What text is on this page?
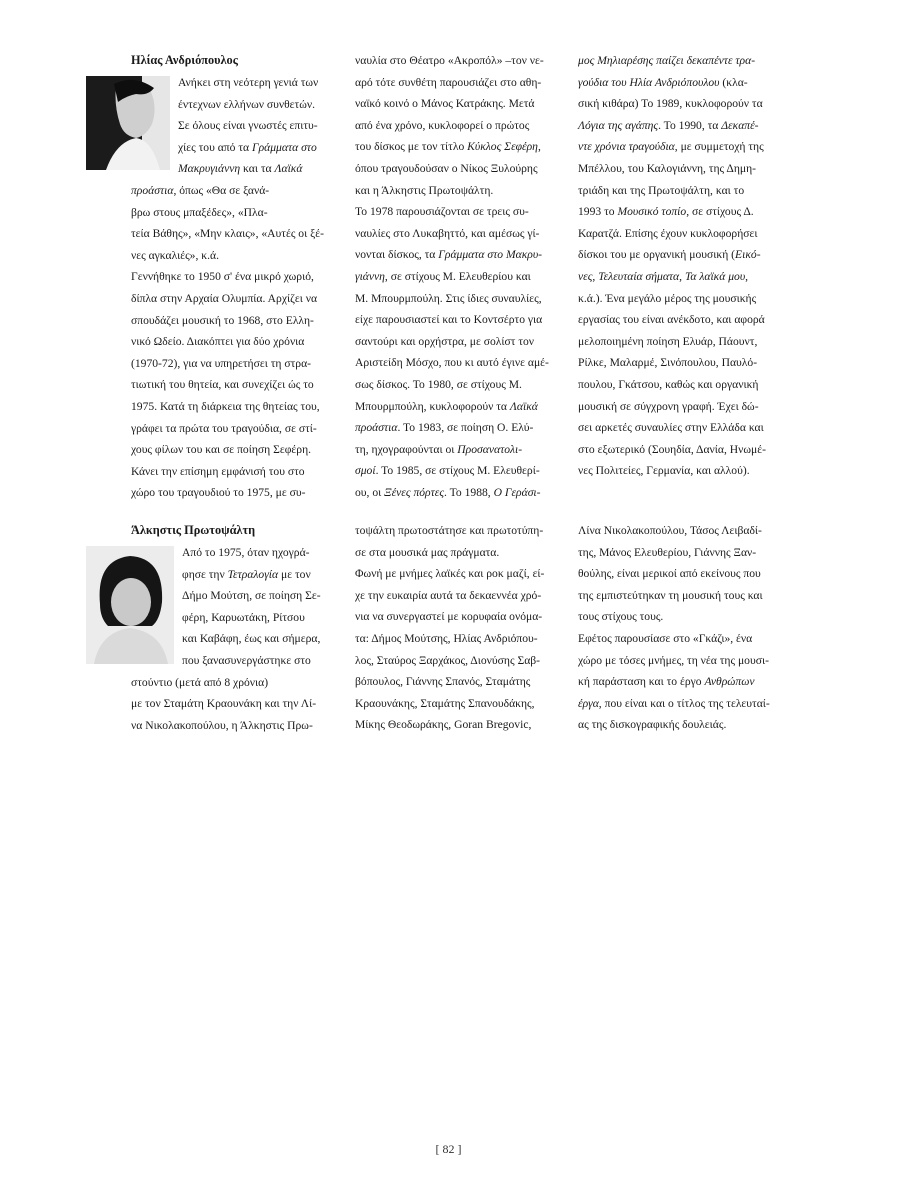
Ηλίας Ανδριόπουλος
Ανήκει στη νεότερη γενιά των
έντεχνων ελλήνων συνθετών.
Σε όλους είναι γνωστές επιτυ-
χίες του από τα Γράμματα στο
Μακρυγιάννη και τα Λαϊκά
προάστια, όπως «Θα σε ξανά-
βρω στους μπαξέδες», «Πλα-
τεία Βάθης», «Μην κλαις», «Αυτές οι ξέ-
νες αγκαλιές», κ.ά.
Γεννήθηκε το 1950 σ' ένα μικρό χωριό,
δίπλα στην Αρχαία Ολυμπία. Αρχίζει να
σπουδάζει μουσική το 1968, στο Ελλη-
νικό Ωδείο. Διακόπτει για δύο χρόνια
(1970-72), για να υπηρετήσει τη στρα-
τιωτική του θητεία, και συνεχίζει ώς το
1975. Κατά τη διάρκεια της θητείας του,
γράφει τα πρώτα του τραγούδια, σε στί-
χους φίλων του και σε ποίηση Σεφέρη.
Κάνει την επίσημη εμφάνισή του στο
χώρο του τραγουδιού το 1975, με συ-
ναυλία στο Θέατρο «Ακροπόλ» –τον νε-
αρό τότε συνθέτη παρουσιάζει στο αθη-
ναϊκό κοινό ο Μάνος Κατράκης. Μετά
από ένα χρόνο, κυκλοφορεί ο πρώτος
του δίσκος με τον τίτλο Κύκλος Σεφέρη,
όπου τραγουδούσαν ο Νίκος Ξυλούρης
και η Άλκηστις Πρωτοψάλτη.
Το 1978 παρουσιάζονται σε τρεις συ-
ναυλίες στο Λυκαβηττό, και αμέσως γί-
νονται δίσκος, τα Γράμματα στο Μακρυ-
γιάννη, σε στίχους Μ. Ελευθερίου και
Μ. Μπουρμπούλη. Στις ίδιες συναυλίες,
είχε παρουσιαστεί και το Κοντσέρτο για
σαντούρι και ορχήστρα, με σολίστ τον
Αριστείδη Μόσχο, που κι αυτό έγινε αμέ-
σως δίσκος. Το 1980, σε στίχους Μ.
Μπουρμπούλη, κυκλοφορούν τα Λαϊκά
προάστια. Το 1983, σε ποίηση Ο. Ελύ-
τη, ηχογραφούνται οι Προσανατολι-
σμοί. Το 1985, σε στίχους Μ. Ελευθερί-
ου, οι Ξένες πόρτες. Το 1988, Ο Γεράσι-
μος Μηλιαρέσης παίζει δεκαπέντε τρα-
γούδια του Ηλία Ανδριόπουλου (κλα-
σική κιθάρα) Το 1989, κυκλοφορούν τα
Λόγια της αγάπης. Το 1990, τα Δεκαπέ-
ντε χρόνια τραγούδια, με συμμετοχή της
Μπέλλου, του Καλογιάννη, της Δημη-
τριάδη και της Πρωτοψάλτη, και το
1993 το Μουσικό τοπίο, σε στίχους Δ.
Καρατζά. Επίσης έχουν κυκλοφορήσει
δίσκοι του με οργανική μουσική (Εικό-
νες, Τελευταία σήματα, Τα λαϊκά μου,
κ.ά.). Ένα μεγάλο μέρος της μουσικής
εργασίας του είναι ανέκδοτο, και αφορά
μελοποιημένη ποίηση Ελυάρ, Πάουντ,
Ρίλκε, Μαλαρμέ, Σινόπουλου, Παυλό-
πουλου, Γκάτσου, καθώς και οργανική
μουσική σε σύγχρονη γραφή. Έχει δώ-
σει αρκετές συναυλίες στην Ελλάδα και
στο εξωτερικό (Σουηδία, Δανία, Ηνωμέ-
νες Πολιτείες, Γερμανία, και αλλού).
Άλκηστις Πρωτοψάλτη
Από το 1975, όταν ηχογρά-
φησε την Τετραλογία με τον
Δήμο Μούτση, σε ποίηση Σε-
φέρη, Καρυωτάκη, Ρίτσου
και Καβάφη, έως και σήμερα,
που ξανασυνεργάστηκε στο
στούντιο (μετά από 8 χρόνια)
με τον Σταμάτη Κραουνάκη και την Λί-
να Νικολακοπούλου, η Άλκηστις Πρω-
τοψάλτη πρωτοστάτησε και πρωτοτύπη-
σε στα μουσικά μας πράγματα.
Φωνή με μνήμες λαϊκές και ροκ μαζί, εί-
χε την ευκαιρία αυτά τα δεκαεννέα χρό-
νια να συνεργαστεί με κορυφαία ονόμα-
τα: Δήμος Μούτσης, Ηλίας Ανδριόπου-
λος, Σταύρος Ξαρχάκος, Διονύσης Σαβ-
βόπουλος, Γιάννης Σπανός, Σταμάτης
Κραουνάκης, Σταμάτης Σπανουδάκης,
Μίκης Θεοδωράκης, Goran Bregovic,
Λίνα Νικολακοπούλου, Τάσος Λειβαδί-
της, Μάνος Ελευθερίου, Γιάννης Ξαν-
θούλης, είναι μερικοί από εκείνους που
της εμπιστεύτηκαν τη μουσική τους και
τους στίχους τους.
Εφέτος παρουσίασε στο «Γκάζι», ένα
χώρο με τόσες μνήμες, τη νέα της μουσι-
κή παράσταση και το έργο Ανθρώπων
έργα, που είναι και ο τίτλος της τελευταί-
ας της δισκογραφικής δουλειάς.
[ 82 ]
